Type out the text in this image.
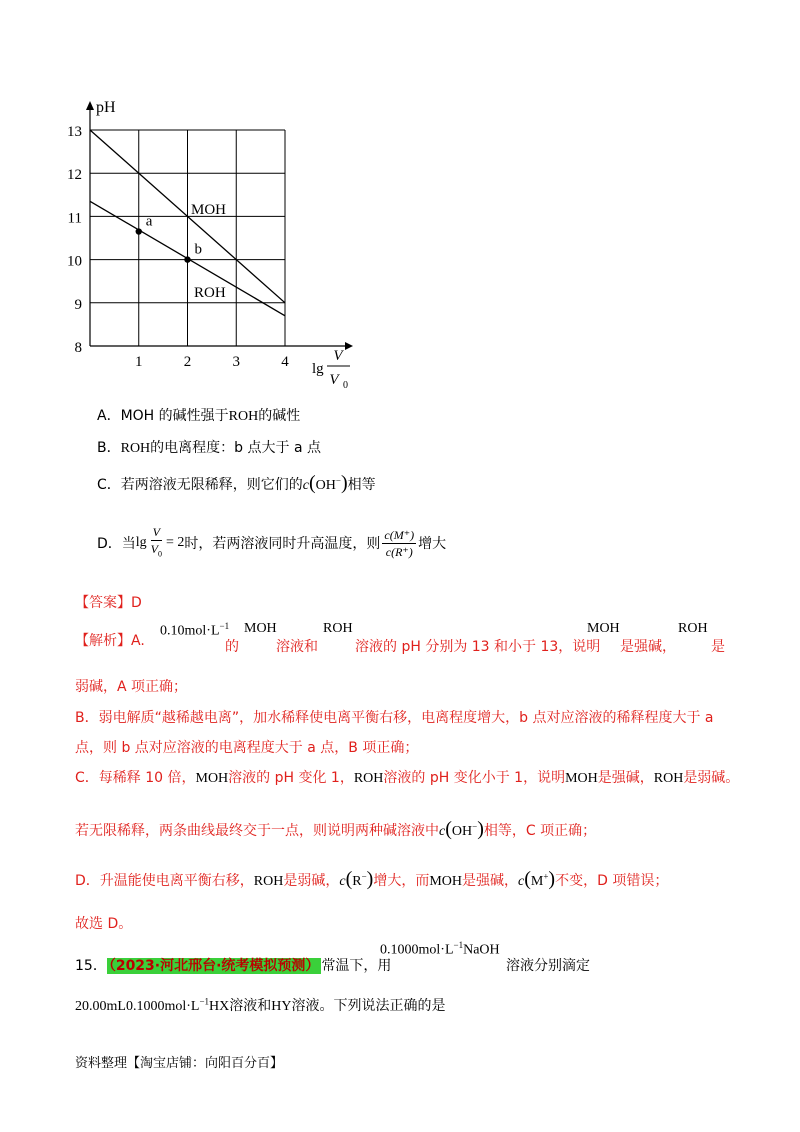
8
9
10
11
12
13
1	2	3	4
pH
lg
V
V 0
MOH
ROH
a
b
A．MOH 的碱性强于ROH的碱性
B．ROH的电离程度：b 点大于 a 点
C．若两溶液无限稀释，则它们的c(OH−)相等
D．当 $\lg \frac{V}{V_0} = 2$ 时，若两溶液同时升高温度，则 $\frac{c(M^+)}{c(R^+)}$ 增大
【答案】D
【解析】A.
$0.10mol\cdot L^{-1}$
的
MOH
溶液和
ROH
溶液的 pH 分别为 13 和小于 13，说明
MOH
是强碱，
ROH
是
弱碱，A 项正确；
B．弱电解质“越稀越电离”，加水稀释使电离平衡右移，电离程度增大，b 点对应溶液的稀释程度大于 a
点，则 b 点对应溶液的电离程度大于 a 点，B 项正确；
C．每稀释 10 倍，MOH溶液的 pH 变化 1，ROH溶液的 pH 变化小于 1，说明MOH是强碱，ROH是弱碱。
若无限稀释，两条曲线最终交于一点，则说明两种碱溶液中c(OH−)相等，C 项正确；
D．升温能使电离平衡右移，ROH是弱碱，c(R−)增大，而MOH是强碱，c(M+)不变，D 项错误；
故选 D。
15． （2023·河北邢台·统考模拟预测） 常温下，用
$0.1000mol\cdot L^{-1}NaOH$
溶液分别滴定
$20.00mL0.1000mol\cdot L^{-1}HX$溶液和HY溶液。下列说法正确的是
资料整理【淘宝店铺：向阳百分百】
